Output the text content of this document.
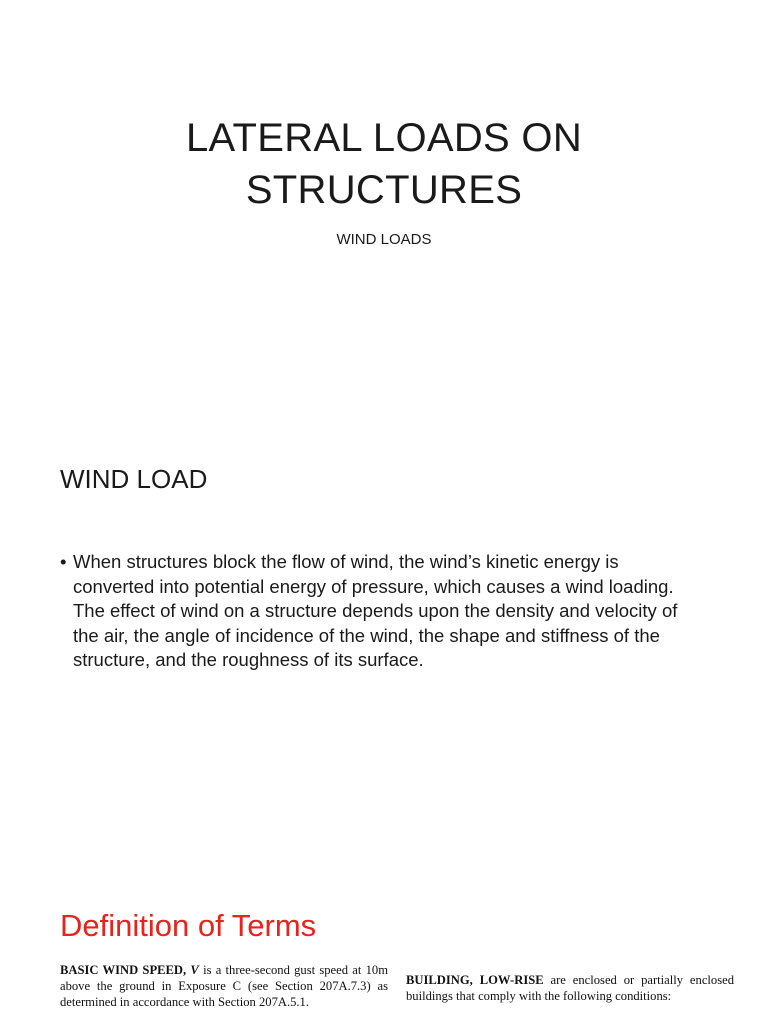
LATERAL LOADS ON
STRUCTURES
WIND LOADS
WIND LOAD
• When structures block the flow of wind, the wind’s kinetic energy is converted into potential energy of pressure, which causes a wind loading. The effect of wind on a structure depends upon the density and velocity of the air, the angle of incidence of the wind, the shape and stiffness of the structure, and the roughness of its surface.
Definition of Terms
BASIC WIND SPEED, V is a three-second gust speed at 10m above the ground in Exposure C (see Section 207A.7.3) as determined in accordance with Section 207A.5.1.
BUILDING, LOW-RISE are enclosed or partially enclosed buildings that comply with the following conditions:
